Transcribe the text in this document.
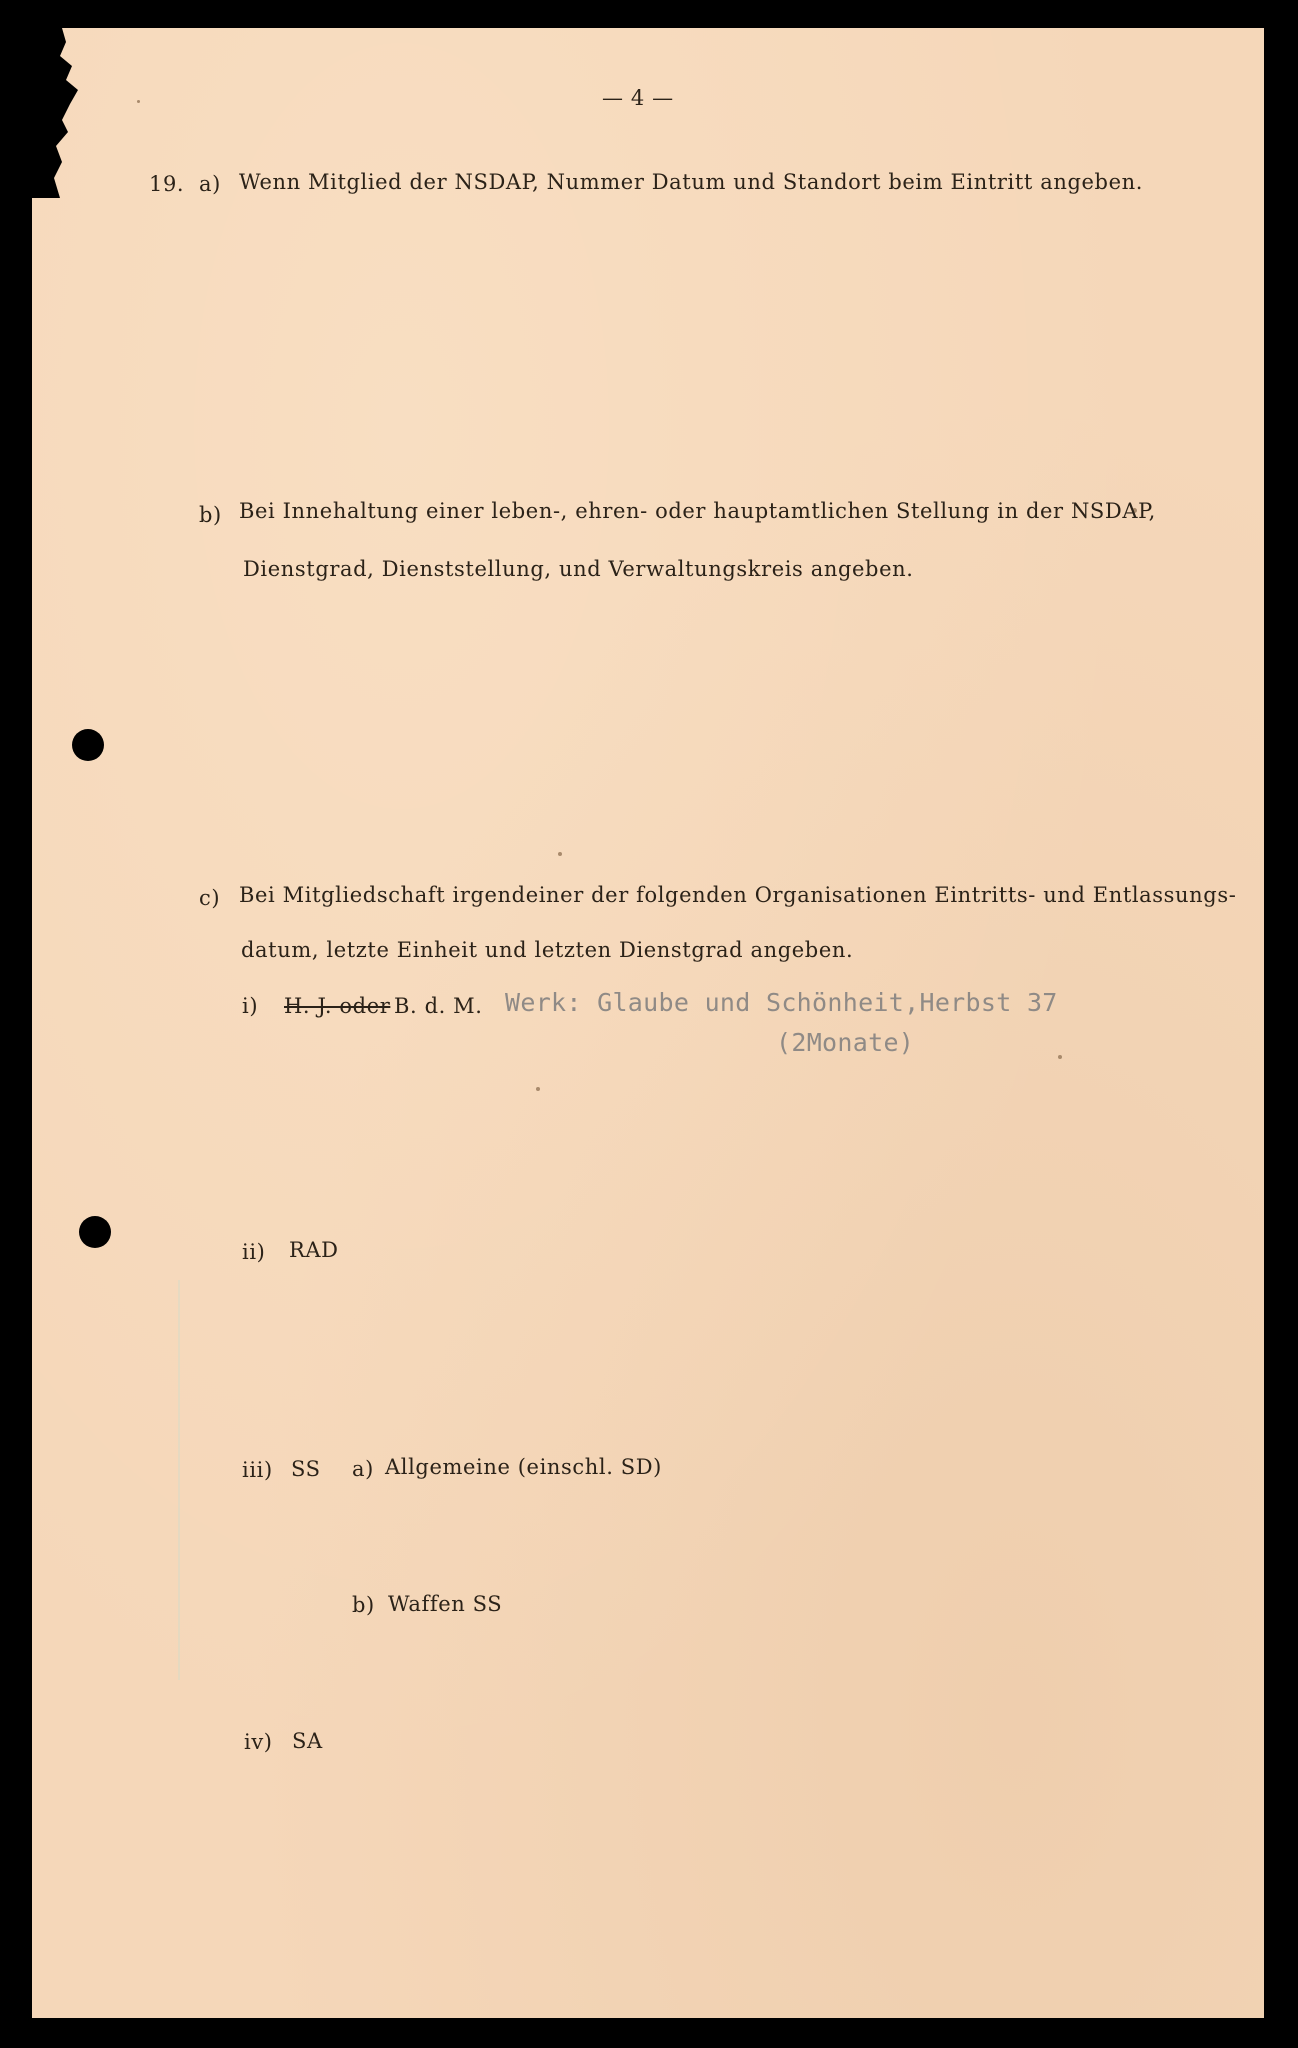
— 4 —
19. a) Wenn Mitglied der NSDAP, Nummer Datum und Standort beim Eintritt angeben.
b) Bei Innehaltung einer leben-, ehren- oder hauptamtlichen Stellung in der NSDAP,
Dienstgrad, Dienststellung, und Verwaltungskreis angeben.
c) Bei Mitgliedschaft irgendeiner der folgenden Organisationen Eintritts- und Entlassungs-
datum, letzte Einheit und letzten Dienstgrad angeben.
i) H. J. oder B. d. M. Werk: Glaube und Schönheit,Herbst 37
(2Monate)
ii) RAD
iii) SS a) Allgemeine (einschl. SD)
b) Waffen SS
iv) SA
